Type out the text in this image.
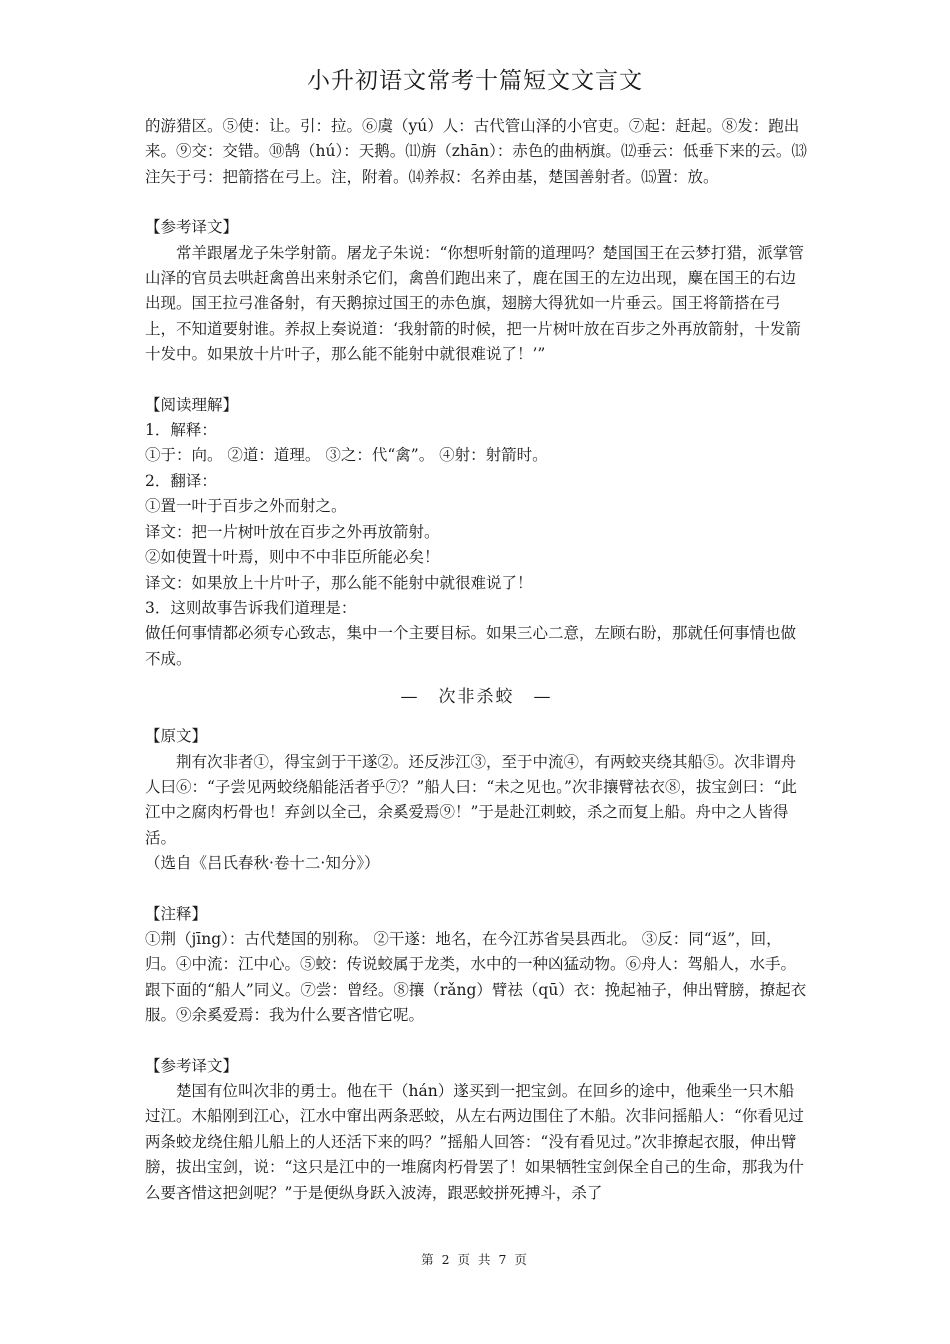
小升初语文常考十篇短文文言文

的游猎区。⑤使：让。引：拉。⑥虞（yú）人：古代管山泽的小官吏。⑦起：赶起。⑧发：跑出来。⑨交：交错。⑩鹄（hú）：天鹅。⑾旃（zhān）：赤色的曲柄旗。⑿垂云：低垂下来的云。⒀注矢于弓：把箭搭在弓上。注，附着。⒁养叔：名养由基，楚国善射者。⒂置：放。

【参考译文】

常羊跟屠龙子朱学射箭。屠龙子朱说：“你想听射箭的道理吗？楚国国王在云梦打猎，派掌管山泽的官员去哄赶禽兽出来射杀它们，禽兽们跑出来了，鹿在国王的左边出现，麋在国王的右边出现。国王拉弓准备射，有天鹅掠过国王的赤色旗，翅膀大得犹如一片垂云。国王将箭搭在弓上，不知道要射谁。养叔上奏说道：‘我射箭的时候，把一片树叶放在百步之外再放箭射，十发箭十发中。如果放十片叶子，那么能不能射中就很难说了！’”

【阅读理解】

1．解释：

①于：向。 ②道：道理。 ③之：代“禽”。 ④射：射箭时。

2．翻译：

①置一叶于百步之外而射之。

译文：把一片树叶放在百步之外再放箭射。

②如使置十叶焉，则中不中非臣所能必矣！

译文：如果放上十片叶子，那么能不能射中就很难说了！

3．这则故事告诉我们道理是：

做任何事情都必须专心致志，集中一个主要目标。如果三心二意，左顾右盼，那就任何事情也做不成。

—　次非杀蛟　—

【原文】

荆有次非者①，得宝剑于干遂②。还反涉江③，至于中流④，有两蛟夹绕其船⑤。次非谓舟人曰⑥：“子尝见两蛟绕船能活者乎⑦？”船人曰：“未之见也。”次非攘臂祛衣⑧，拔宝剑曰：“此江中之腐肉朽骨也！弃剑以全己，余奚爱焉⑨！”于是赴江刺蛟，杀之而复上船。舟中之人皆得活。

（选自《吕氏春秋·卷十二·知分》）

【注释】

①荆（jīng）：古代楚国的别称。 ②干遂：地名，在今江苏省吴县西北。 ③反：同“返”，回，归。④中流：江中心。⑤蛟：传说蛟属于龙类，水中的一种凶猛动物。⑥舟人：驾船人，水手。跟下面的“船人”同义。⑦尝：曾经。⑧攘（rǎng）臂祛（qū）衣：挽起袖子，伸出臂膀，撩起衣服。⑨余奚爱焉：我为什么要吝惜它呢。

【参考译文】

楚国有位叫次非的勇士。他在干（hán）遂买到一把宝剑。在回乡的途中，他乘坐一只木船过江。木船刚到江心，江水中窜出两条恶蛟，从左右两边围住了木船。次非问摇船人：“你看见过两条蛟龙绕住船儿船上的人还活下来的吗？”摇船人回答：“没有看见过。”次非撩起衣服，伸出臂膀，拔出宝剑，说：“这只是江中的一堆腐肉朽骨罢了！如果牺牲宝剑保全自己的生命，那我为什么要吝惜这把剑呢？”于是便纵身跃入波涛，跟恶蛟拼死搏斗，杀了

第 2 页 共 7 页
